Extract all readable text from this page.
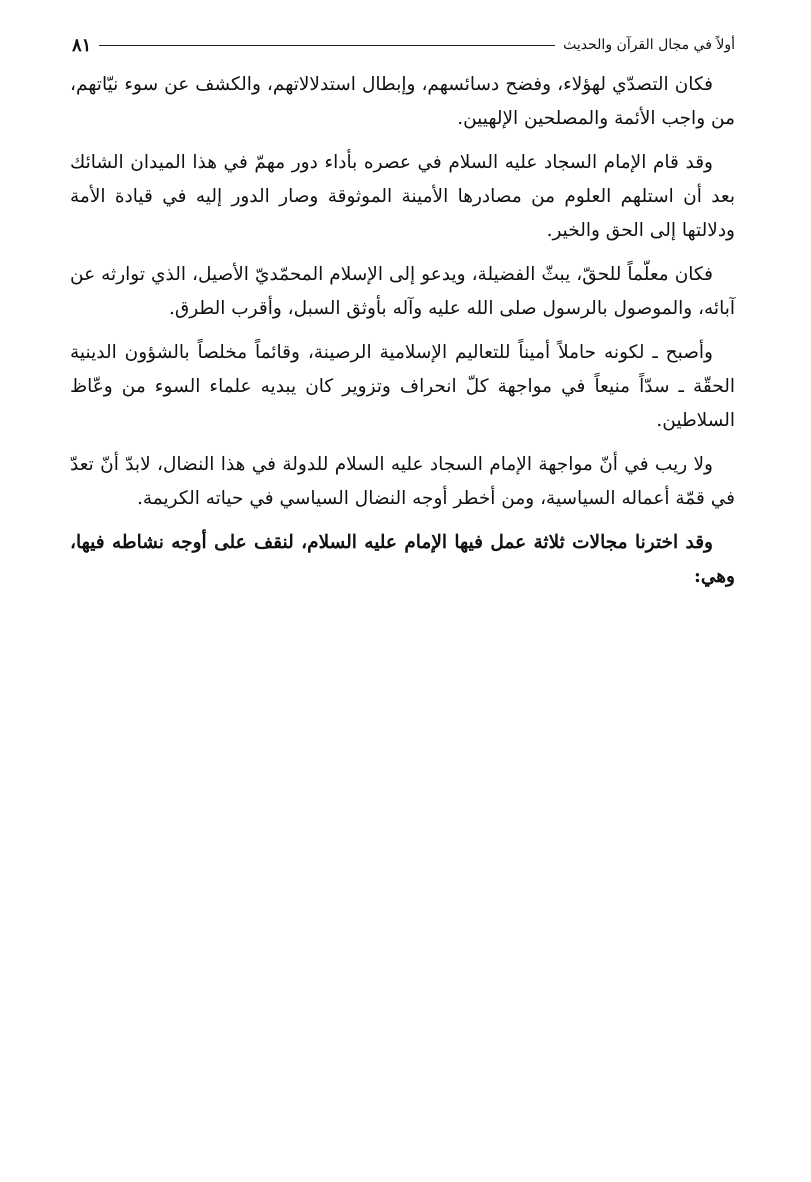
أولاً في مجال القرآن والحديث
٨١

فكان التصدّي لهؤلاء، وفضح دسائسهم، وإبطال استدلالاتهم، والكشف عن سوء نيّاتهم، من واجب الأئمة والمصلحين الإلهيين.

وقد قام الإمام السجاد عليه السلام في عصره بأداء دور مهمّ في هذا الميدان الشائك بعد أن استلهم العلوم من مصادرها الأمينة الموثوقة وصار الدور إليه في قيادة الأمة ودلالتها إلى الحق والخير.

فكان معلّماً للحقّ، يبثّ الفضيلة، ويدعو إلى الإسلام المحمّديّ الأصيل، الذي توارثه عن آبائه، والموصول بالرسول صلى الله عليه وآله بأوثق السبل، وأقرب الطرق.

وأصبح ـ لكونه حاملاً أميناً للتعاليم الإسلامية الرصينة، وقائماً مخلصاً بالشؤون الدينية الحقّة ـ سدّاً منيعاً في مواجهة كلّ انحراف وتزوير كان يبديه علماء السوء من وعّاظ السلاطين.

ولا ريب في أنّ مواجهة الإمام السجاد عليه السلام للدولة في هذا النضال، لابدّ أنّ تعدّ في قمّة أعماله السياسية، ومن أخطر أوجه النضال السياسي في حياته الكريمة.

وقد اخترنا مجالات ثلاثة عمل فيها الإمام عليه السلام، لنقف على أوجه نشاطه فيها، وهي:
